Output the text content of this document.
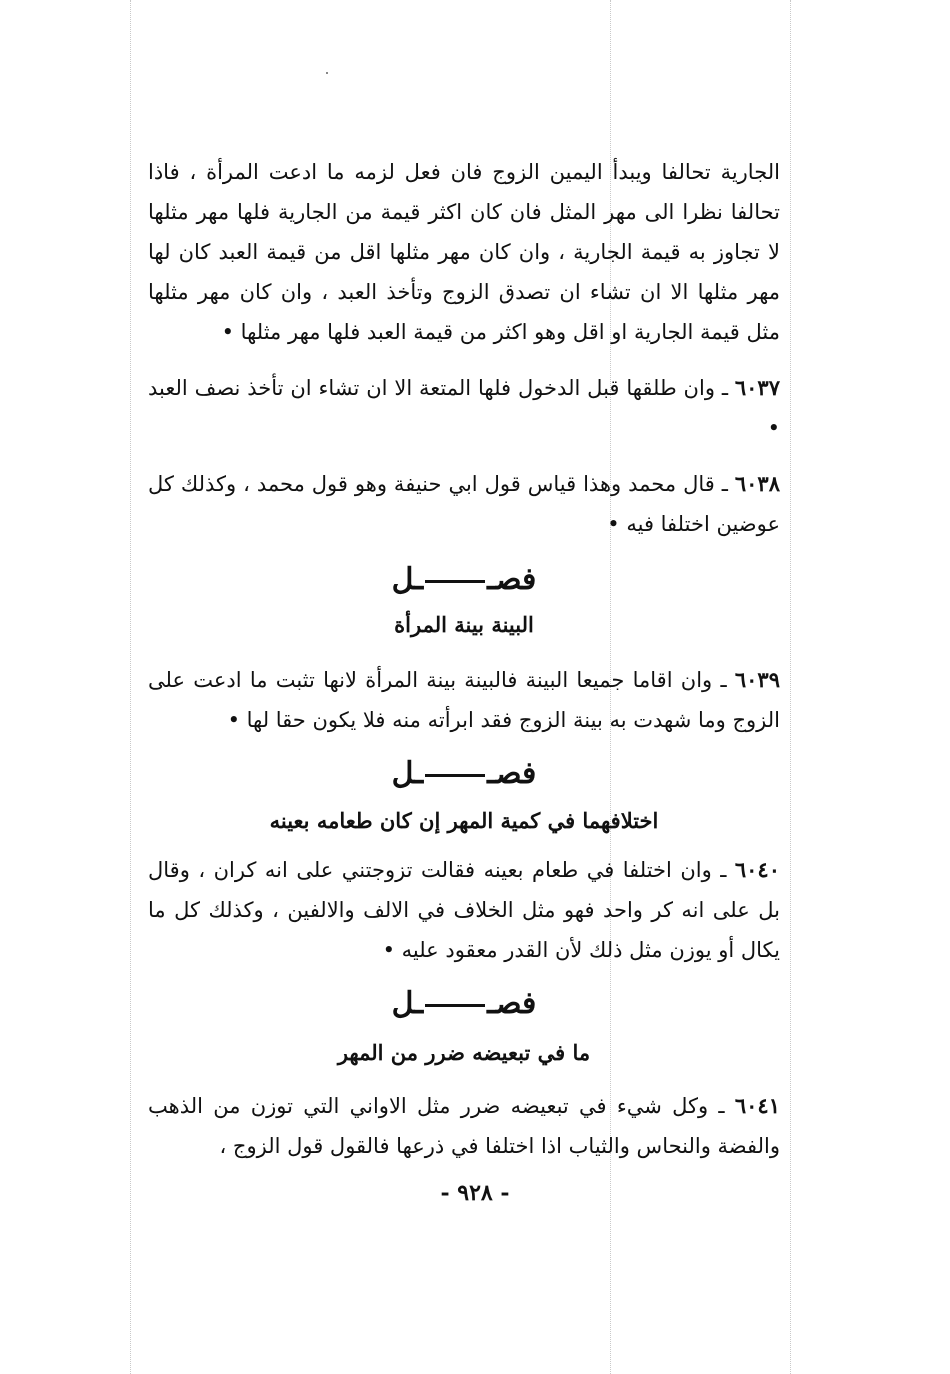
الجارية تحالفا ويبدأ اليمين الزوج فان فعل لزمه ما ادعت المرأة ، فاذا تحالفا نظرا الى مهر المثل فان كان اكثر قيمة من الجارية فلها مهر مثلها لا تجاوز به قيمة الجارية ، وان كان مهر مثلها اقل من قيمة العبد كان لها مهر مثلها الا ان تشاء ان تصدق الزوج وتأخذ العبد ، وان كان مهر مثلها مثل قيمة الجارية او اقل وهو اكثر من قيمة العبد فلها مهر مثلها •

٦٠٣٧ ـ وان طلقها قبل الدخول فلها المتعة الا ان تشاء ان تأخذ نصف العبد •

٦٠٣٨ ـ قال محمد وهذا قياس قول ابي حنيفة وهو قول محمد ، وكذلك كل عوضين اختلفا فيه •

فصــل
البينة بينة المرأة

٦٠٣٩ ـ وان اقاما جميعا البينة فالبينة بينة المرأة لانها تثبت ما ادعت على الزوج وما شهدت به بينة الزوج فقد ابرأته منه فلا يكون حقا لها •

فصــل
اختلافهما في كمية المهر إن كان طعامه بعينه

٦٠٤٠ ـ وان اختلفا في طعام بعينه فقالت تزوجتني على انه كران ، وقال بل على انه كر واحد فهو مثل الخلاف في الالف والالفين ، وكذلك كل ما يكال أو يوزن مثل ذلك لأن القدر معقود عليه •

فصــل
ما في تبعيضه ضرر من المهر

٦٠٤١ ـ وكل شيء في تبعيضه ضرر مثل الاواني التي توزن من الذهب والفضة والنحاس والثياب اذا اختلفا في ذرعها فالقول قول الزوج ،

- ٩٢٨ -
